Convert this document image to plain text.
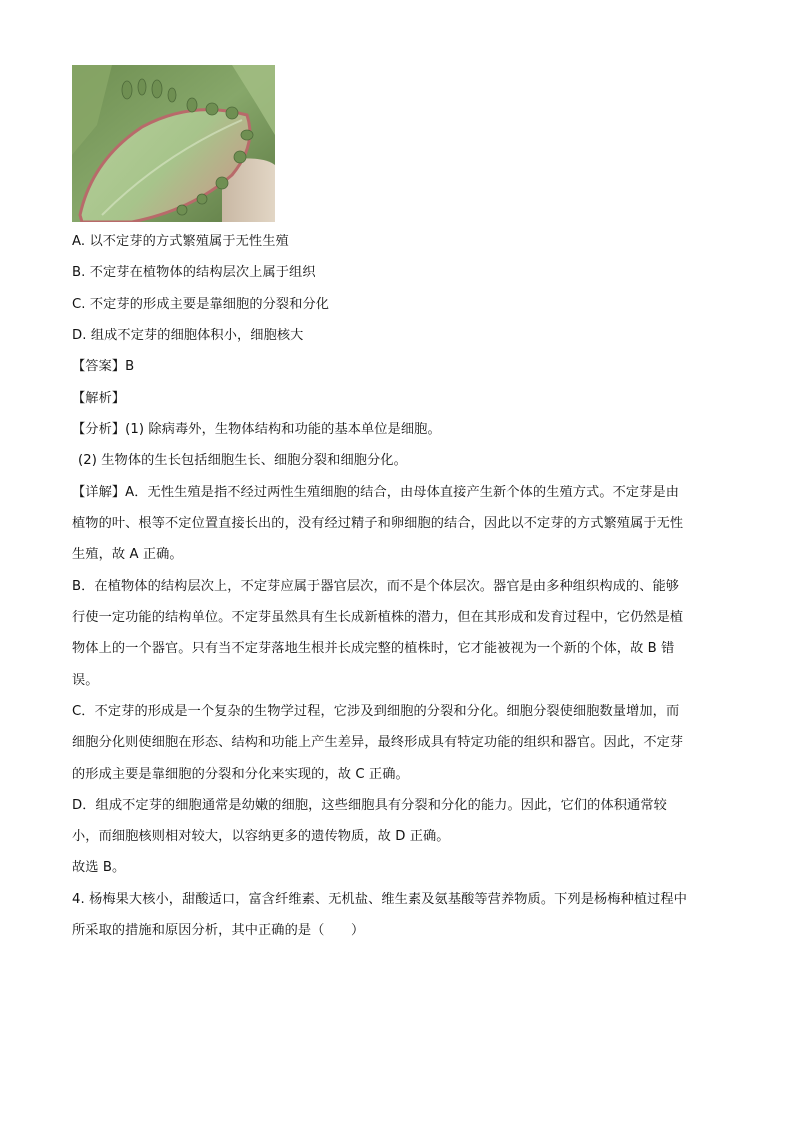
A. 以不定芽的方式繁殖属于无性生殖
B. 不定芽在植物体的结构层次上属于组织
C. 不定芽的形成主要是靠细胞的分裂和分化
D. 组成不定芽的细胞体积小，细胞核大
【答案】B
【解析】
【分析】(1) 除病毒外，生物体结构和功能的基本单位是细胞。
(2) 生物体的生长包括细胞生长、细胞分裂和细胞分化。
【详解】A．无性生殖是指不经过两性生殖细胞的结合，由母体直接产生新个体的生殖方式。不定芽是由
植物的叶、根等不定位置直接长出的，没有经过精子和卵细胞的结合，因此以不定芽的方式繁殖属于无性
生殖，故 A 正确。
B．在植物体的结构层次上，不定芽应属于器官层次，而不是个体层次。器官是由多种组织构成的、能够
行使一定功能的结构单位。不定芽虽然具有生长成新植株的潜力，但在其形成和发育过程中，它仍然是植
物体上的一个器官。只有当不定芽落地生根并长成完整的植株时，它才能被视为一个新的个体，故 B 错
误。
C．不定芽的形成是一个复杂的生物学过程，它涉及到细胞的分裂和分化。细胞分裂使细胞数量增加，而
细胞分化则使细胞在形态、结构和功能上产生差异，最终形成具有特定功能的组织和器官。因此，不定芽
的形成主要是靠细胞的分裂和分化来实现的，故 C 正确。
D．组成不定芽的细胞通常是幼嫩的细胞，这些细胞具有分裂和分化的能力。因此，它们的体积通常较
小，而细胞核则相对较大，以容纳更多的遗传物质，故 D 正确。
故选 B。
4. 杨梅果大核小，甜酸适口，富含纤维素、无机盐、维生素及氨基酸等营养物质。下列是杨梅种植过程中
所采取的措施和原因分析，其中正确的是（　　）
